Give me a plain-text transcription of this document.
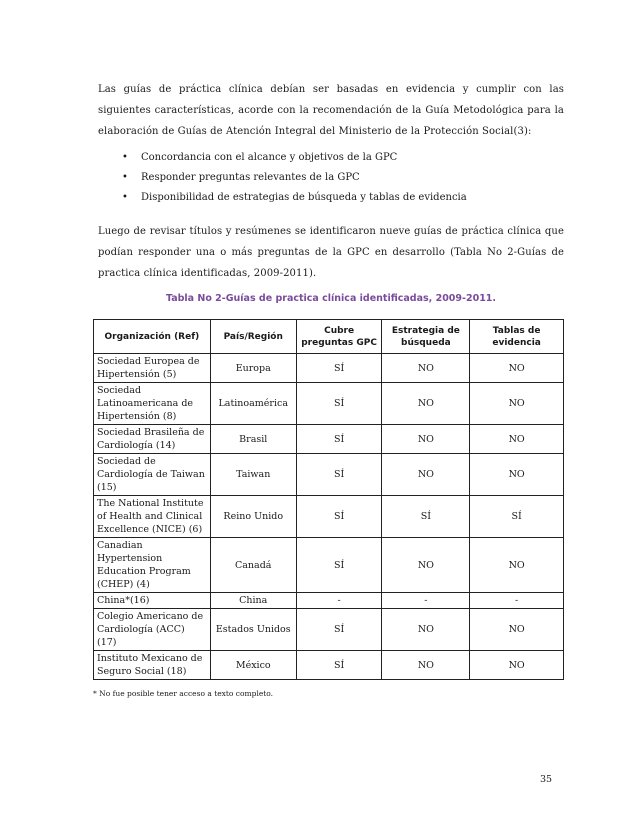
Las guías de práctica clínica debían ser basadas en evidencia y cumplir con las siguientes características, acorde con la recomendación de la Guía Metodológica para la elaboración de Guías de Atención Integral del Ministerio de la Protección Social(3):

• Concordancia con el alcance y objetivos de la GPC
• Responder preguntas relevantes de la GPC
• Disponibilidad de estrategias de búsqueda y tablas de evidencia

Luego de revisar títulos y resúmenes se identificaron nueve guías de práctica clínica que podían responder una o más preguntas de la GPC en desarrollo (Tabla No 2-Guías de practica clínica identificadas, 2009-2011).

Tabla No 2-Guías de practica clínica identificadas, 2009-2011.
Organización (Ref)	País/Región	Cubre preguntas GPC	Estrategia de búsqueda	Tablas de evidencia
Sociedad Europea de Hipertensión (5)	Europa	SÍ	NO	NO
Sociedad Latinoamericana de Hipertensión (8)	Latinoamérica	SÍ	NO	NO
Sociedad Brasileña de Cardiología (14)	Brasil	SÍ	NO	NO
Sociedad de Cardiología de Taiwan (15)	Taiwan	SÍ	NO	NO
The National Institute of Health and Clinical Excellence (NICE) (6)	Reino Unido	SÍ	SÍ	SÍ
Canadian Hypertension Education Program (CHEP) (4)	Canadá	SÍ	NO	NO
China*(16)	China	-	-	-
Colegio Americano de Cardiología (ACC) (17)	Estados Unidos	SÍ	NO	NO
Instituto Mexicano de Seguro Social (18)	México	SÍ	NO	NO
* No fue posible tener acceso a texto completo.
35
